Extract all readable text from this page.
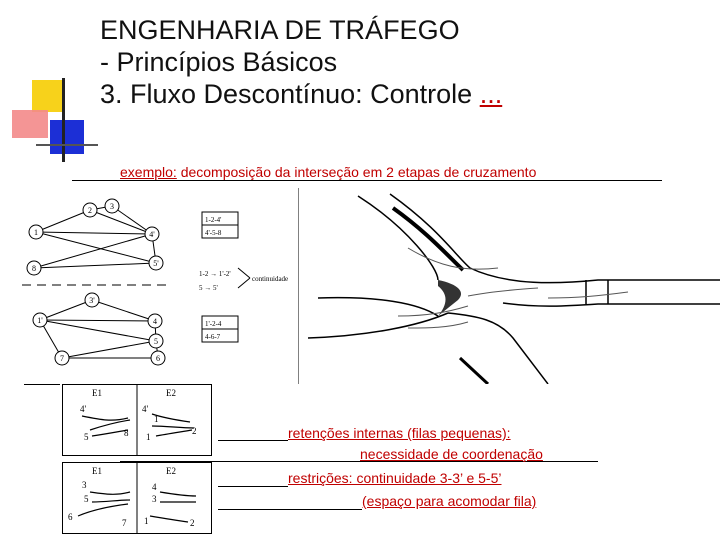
ENGENHARIA DE TRÁFEGO
- Princípios Básicos
3. Fluxo Descontínuo: Controle ...
exemplo: decomposição da interseção em 2 etapas de cruzamento
2 3
1	4'
8
5'
3'
1'	4
5
7	6
1-2-4'
4'-5-8
1'-2-4
4-6-7
1-2 → 1'-2'
5 → 5'
continuidade
E1	E2
4'
5	8
4'
1
1
2
E1	E2
3
5
6
7
4
3
1	2
retenções internas (filas pequenas):
necessidade de coordenação
restrições: continuidade 3-3’ e 5-5’
(espaço para acomodar fila)
